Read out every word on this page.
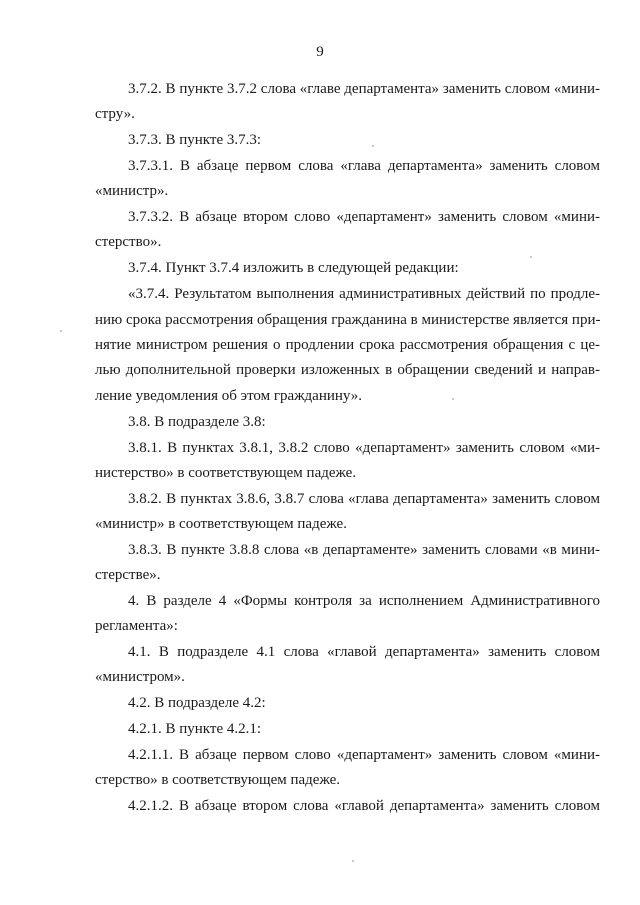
9
3.7.2. В пункте 3.7.2 слова «главе департамента» заменить словом «мини-
стру».
3.7.3. В пункте 3.7.3:
3.7.3.1. В абзаце первом слова «глава департамента» заменить словом
«министр».
3.7.3.2. В абзаце втором слово «департамент» заменить словом «мини-
стерство».
3.7.4. Пункт 3.7.4 изложить в следующей редакции:
«3.7.4. Результатом выполнения административных действий по продле-
нию срока рассмотрения обращения гражданина в министерстве является при-
нятие министром решения о продлении срока рассмотрения обращения с це-
лью дополнительной проверки изложенных в обращении сведений и направ-
ление уведомления об этом гражданину».
3.8. В подразделе 3.8:
3.8.1. В пунктах 3.8.1, 3.8.2 слово «департамент» заменить словом «ми-
нистерство» в соответствующем падеже.
3.8.2. В пунктах 3.8.6, 3.8.7 слова «глава департамента» заменить словом
«министр» в соответствующем падеже.
3.8.3. В пункте 3.8.8 слова «в департаменте» заменить словами «в мини-
стерстве».
4. В разделе 4 «Формы контроля за исполнением Административного
регламента»:
4.1. В подразделе 4.1 слова «главой департамента» заменить словом
«министром».
4.2. В подразделе 4.2:
4.2.1. В пункте 4.2.1:
4.2.1.1. В абзаце первом слово «департамент» заменить словом «мини-
стерство» в соответствующем падеже.
4.2.1.2. В абзаце втором слова «главой департамента» заменить словом
